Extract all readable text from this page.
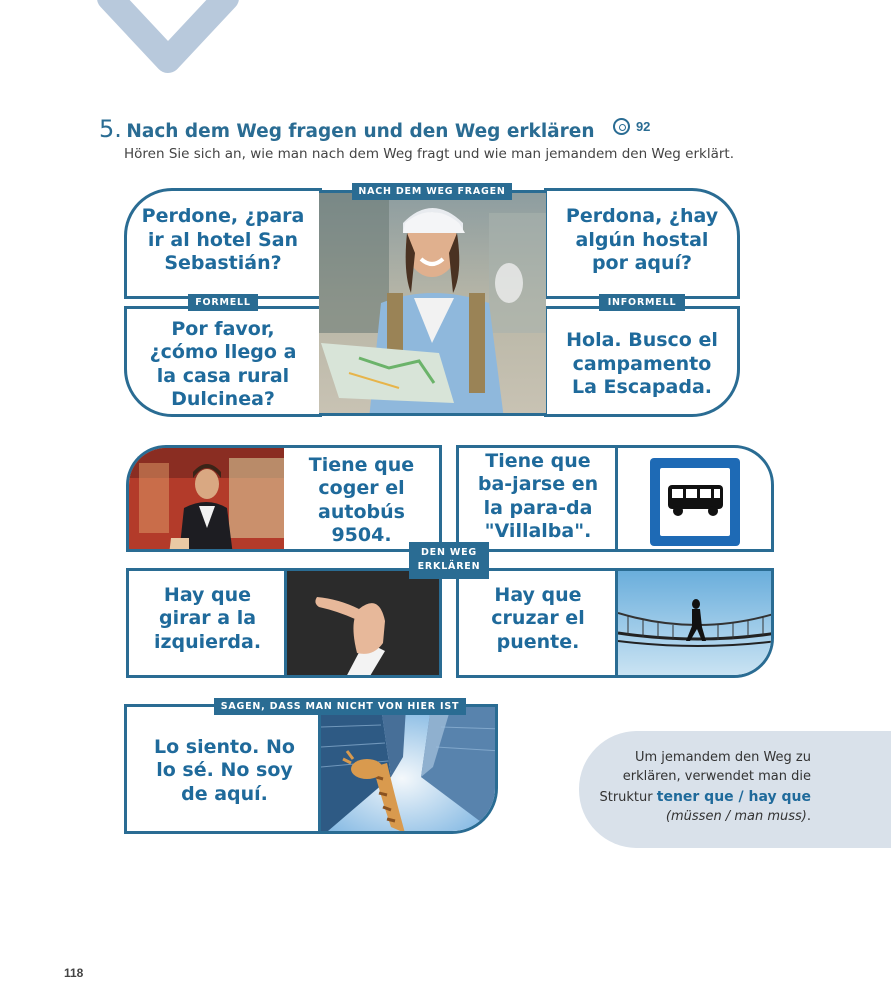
5. Nach dem Weg fragen und den Weg erklären	92
Hören Sie sich an, wie man nach dem Weg fragt und wie man jemandem den Weg erklärt.
Perdone, ¿para ir al hotel San Sebastián?
Por favor, ¿cómo llego a la casa rural Dulcinea?
Perdona, ¿hay algún hostal por aquí?
Hola. Busco el campamento La Escapada.
NACH DEM WEG FRAGEN
FORMELL	INFORMELL
Tiene que coger el autobús 9504.
Tiene que ba-jarse en la para-da "Villalba".
Hay que girar a la izquierda.
Hay que cruzar el puente.
DEN WEG
ERKLÄREN
Lo siento. No lo sé. No soy de aquí.
SAGEN, DASS MAN NICHT VON HIER IST
Um jemandem den Weg zu
erklären, verwendet man die
Struktur tener que / hay que
(müssen / man muss).
118
